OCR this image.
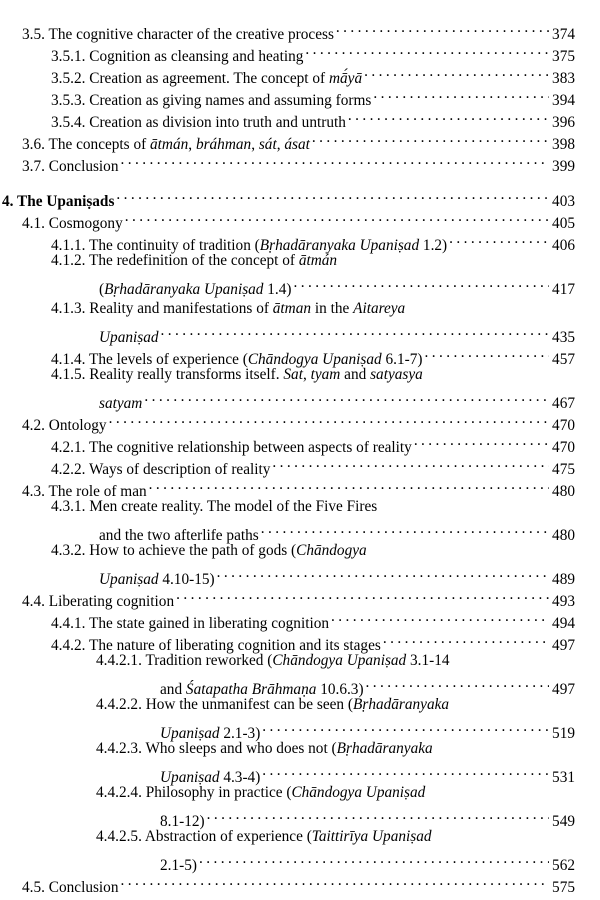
3.5. The cognitive character of the creative process . . .	374
3.5.1. Cognition as cleansing and heating . . .	375
3.5.2. Creation as agreement. The concept of mā́yā . . .	383
3.5.3. Creation as giving names and assuming forms . . .	394
3.5.4. Creation as division into truth and untruth . . .	396
3.6. The concepts of ātmán, bráhman, sát, ásat . . .	398
3.7. Conclusion . . .	399
4. The Upaniṣads . . .	403
4.1. Cosmogony . . .	405
4.1.1. The continuity of tradition (Bṛhadāranyaka Upaniṣad 1.2) . . .	406
4.1.2. The redefinition of the concept of ātmán
(Bṛhadāranyaka Upaniṣad 1.4) . . .	417
4.1.3. Reality and manifestations of ātman in the Aitareya
Upaniṣad . . .	435
4.1.4. The levels of experience (Chāndogya Upaniṣad 6.1-7) . . .	457
4.1.5. Reality really transforms itself. Sat, tyam and satyasya
satyam . . .	467
4.2. Ontology . . .	470
4.2.1. The cognitive relationship between aspects of reality . . .	470
4.2.2. Ways of description of reality . . .	475
4.3. The role of man . . .	480
4.3.1. Men create reality. The model of the Five Fires
and the two afterlife paths . . .	480
4.3.2. How to achieve the path of gods (Chāndogya
Upaniṣad 4.10-15) . . .	489
4.4. Liberating cognition . . .	493
4.4.1. The state gained in liberating cognition . . .	494
4.4.2. The nature of liberating cognition and its stages . . .	497
4.4.2.1. Tradition reworked (Chāndogya Upaniṣad 3.1-14
and Śatapatha Brāhmaṇa 10.6.3) . . .	497
4.4.2.2. How the unmanifest can be seen (Bṛhadāranyaka
Upaniṣad 2.1-3) . . .	519
4.4.2.3. Who sleeps and who does not (Bṛhadāranyaka
Upaniṣad 4.3-4) . . .	531
4.4.2.4. Philosophy in practice (Chāndogya Upaniṣad
8.1-12) . . .	549
4.4.2.5. Abstraction of experience (Taittirīya Upaniṣad
2.1-5) . . .	562
4.5. Conclusion . . .	575
